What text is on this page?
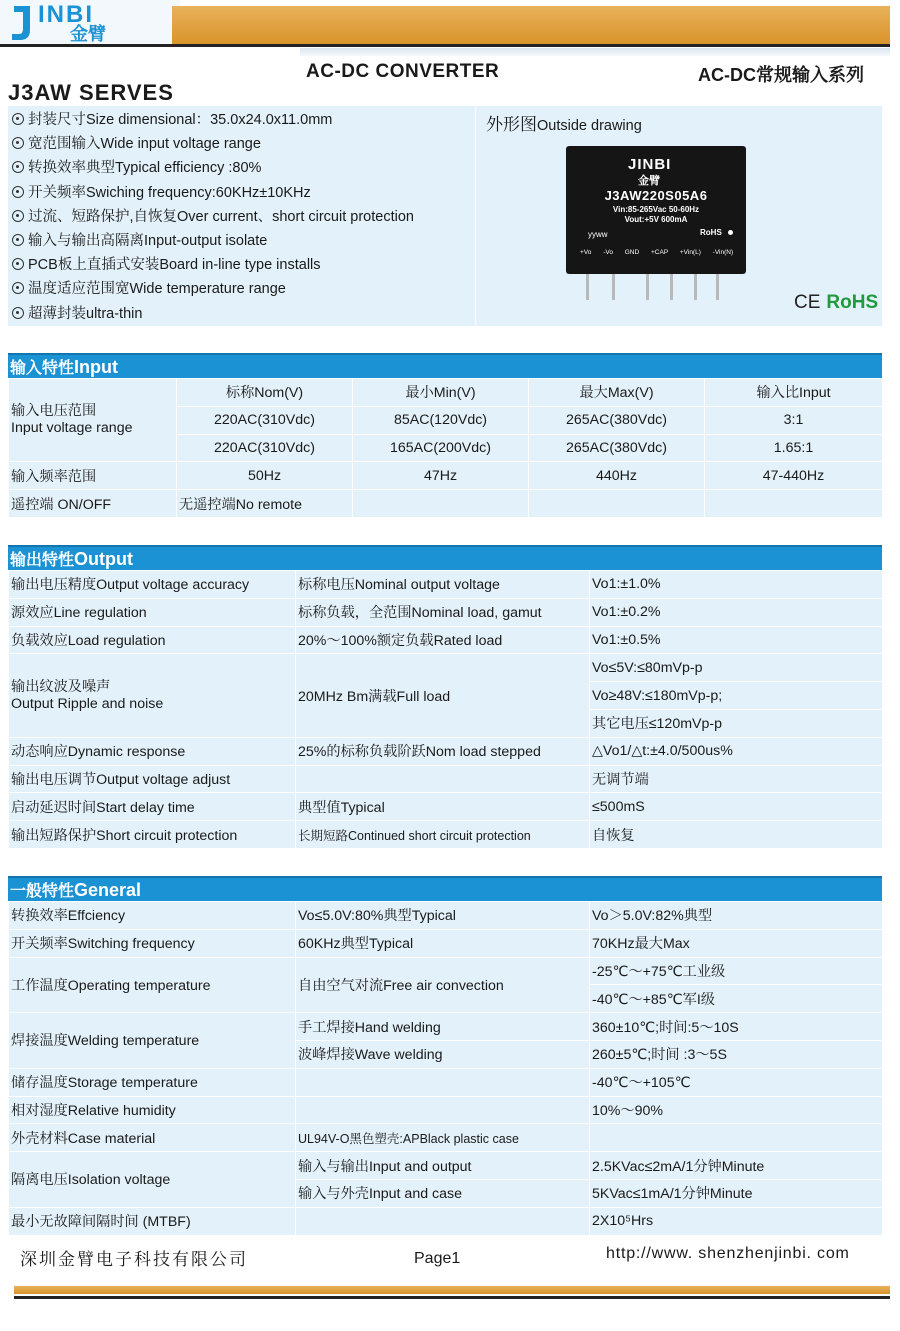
INBI
金臂
AC-DC CONVERTER	AC-DC常规输入系列
J3AW SERVES
封装尺寸Size dimensional：35.0x24.0x11.0mm
宽范围输入Wide input voltage range
转换效率典型Typical efficiency :80%
开关频率Swiching frequency:60KHz±10KHz
过流、短路保护,自恢复Over current、short circuit protection
输入与输出高隔离Input-output isolate
PCB板上直插式安装Board in-line type installs
温度适应范围宽Wide temperature range
超薄封装ultra-thin
外形图Outside drawing
JINBI
金臂
J3AW220S05A6
Vin:85-265Vac 50-60Hz
Vout:+5V 600mA
yyww	RoHS
+Vo -Vo GND +CAP +Vin(L) -Vin(N)
CE RoHS
输入特性Input
输入电压范围
Input voltage range	标称Nom(V)	最小Min(V)	最大Max(V)	输入比Input
	220AC(310Vdc)	85AC(120Vdc)	265AC(380Vdc)	3:1
	220AC(310Vdc)	165AC(200Vdc)	265AC(380Vdc)	1.65:1
输入频率范围	50Hz	47Hz	440Hz	47-440Hz
遥控端 ON/OFF	无遥控端No remote			
输出特性Output
输出电压精度Output voltage accuracy	标称电压Nominal output voltage	Vo1:±1.0%
源效应Line regulation	标称负载，全范围Nominal load, gamut	Vo1:±0.2%
负载效应Load regulation	20%～100%额定负载Rated load	Vo1:±0.5%
输出纹波及噪声
Output Ripple and noise	20MHz Bm满载Full load	Vo≤5V:≤80mVp-p
		Vo≥48V:≤180mVp-p;
		其它电压≤120mVp-p
动态响应Dynamic response	25%的标称负载阶跃Nom load stepped	△Vo1/△t:±4.0/500us%
输出电压调节Output voltage adjust		无调节端
启动延迟时间Start delay time	典型值Typical	≤500mS
输出短路保护Short circuit protection	长期短路Continued short circuit protection	自恢复
一般特性General
转换效率Effciency	Vo≤5.0V:80%典型Typical	Vo＞5.0V:82%典型
开关频率Switching frequency	60KHz典型Typical	70KHz最大Max
工作温度Operating temperature	自由空气对流Free air convection	-25℃～+75℃工业级
		-40℃～+85℃军I级
焊接温度Welding temperature	手工焊接Hand welding	360±10℃;时间:5～10S
	波峰焊接Wave welding	260±5℃;时间 :3～5S
储存温度Storage temperature		-40℃～+105℃
相对湿度Relative humidity		10%～90%
外壳材料Case material	UL94V-O黑色塑壳:APBlack plastic case	
隔离电压Isolation voltage	输入与输出Input and output	2.5KVac≤2mA/1分钟Minute
	输入与外壳Input and case	5KVac≤1mA/1分钟Minute
最小无故障间隔时间 (MTBF)		2X10⁵Hrs
深圳金臂电子科技有限公司	Page1	http://www. shenzhenjinbi. com
